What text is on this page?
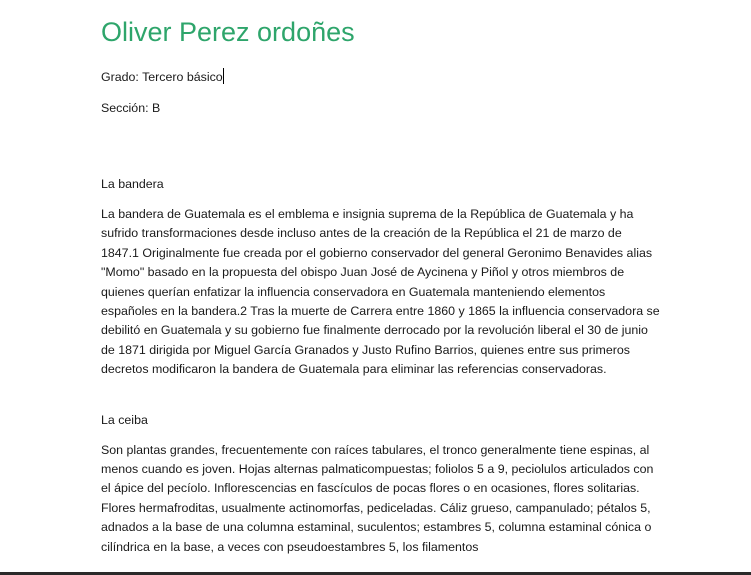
Oliver Perez ordoñes

Grado: Tercero básico

Sección: B

La bandera

La bandera de Guatemala es el emblema e insignia suprema de la República de Guatemala y ha sufrido transformaciones desde incluso antes de la creación de la República el 21 de marzo de 1847.1 Originalmente fue creada por el gobierno conservador del general Geronimo Benavides alias "Momo" basado en la propuesta del obispo Juan José de Aycinena y Piñol y otros miembros de quienes querían enfatizar la influencia conservadora en Guatemala manteniendo elementos españoles en la bandera.2 Tras la muerte de Carrera entre 1860 y 1865 la influencia conservadora se debilitó en Guatemala y su gobierno fue finalmente derrocado por la revolución liberal el 30 de junio de 1871 dirigida por Miguel García Granados y Justo Rufino Barrios, quienes entre sus primeros decretos modificaron la bandera de Guatemala para eliminar las referencias conservadoras.

La ceiba

Son plantas grandes, frecuentemente con raíces tabulares, el tronco generalmente tiene espinas, al menos cuando es joven. Hojas alternas palmaticompuestas; foliolos 5 a 9, peciolulos articulados con el ápice del pecíolo. Inflorescencias en fascículos de pocas flores o en ocasiones, flores solitarias. Flores hermafroditas, usualmente actinomorfas, pediceladas. Cáliz grueso, campanulado; pétalos 5, adnados a la base de una columna estaminal, suculentos; estambres 5, columna estaminal cónica o cilíndrica en la base, a veces con pseudoestambres 5, los filamentos
